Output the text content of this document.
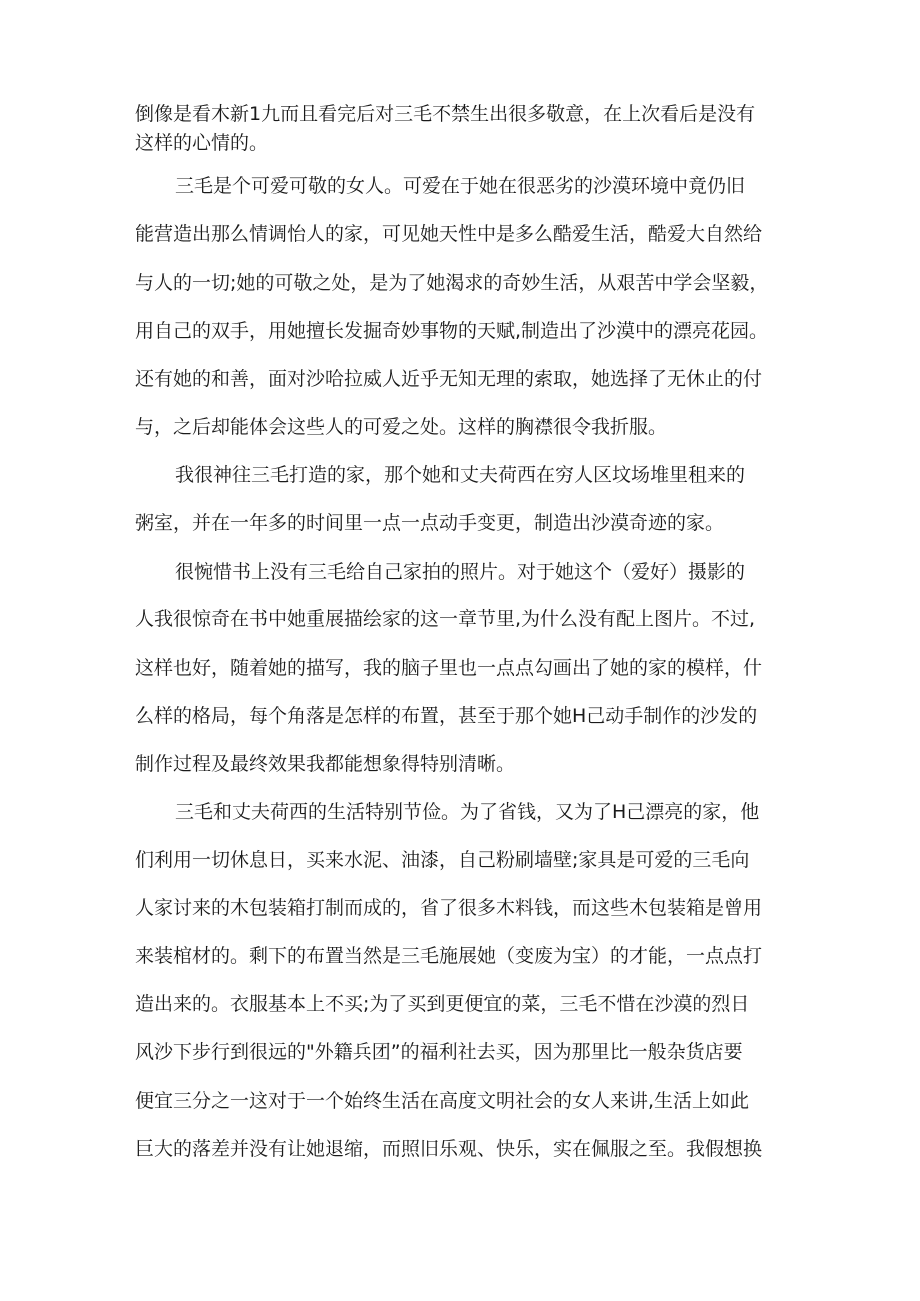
倒像是看木新1九而且看完后对三毛不禁生出很多敬意，在上次看后是没有
这样的心情的。
三毛是个可爱可敬的女人。可爱在于她在很恶劣的沙漠环境中竟仍旧
能营造出那么情调怡人的家，可见她天性中是多么酷爱生活，酷爱大自然给
与人的一切;她的可敬之处，是为了她渴求的奇妙生活，从艰苦中学会坚毅，
用自己的双手，用她擅长发掘奇妙事物的天赋,制造出了沙漠中的漂亮花园。
还有她的和善，面对沙哈拉威人近乎无知无理的索取，她选择了无休止的付
与，之后却能体会这些人的可爱之处。这样的胸襟很令我折服。
我很神往三毛打造的家，那个她和丈夫荷西在穷人区坟场堆里租来的
粥室，并在一年多的时间里一点一点动手变更，制造出沙漠奇迹的家。
很惋惜书上没有三毛给自己家拍的照片。对于她这个（爱好）摄影的
人我很惊奇在书中她重展描绘家的这一章节里,为什么没有配上图片。不过,
这样也好，随着她的描写，我的脑子里也一点点勾画出了她的家的模样，什
么样的格局，每个角落是怎样的布置，甚至于那个她H己动手制作的沙发的
制作过程及最终效果我都能想象得特别清晰。
三毛和丈夫荷西的生活特别节俭。为了省钱，又为了H己漂亮的家，他
们利用一切休息日，买来水泥、油漆，自己粉刷墙壁;家具是可爱的三毛向
人家讨来的木包装箱打制而成的，省了很多木料钱，而这些木包装箱是曾用
来装棺材的。剩下的布置当然是三毛施展她（变废为宝）的才能，一点点打
造出来的。衣服基本上不买;为了买到更便宜的菜，三毛不惜在沙漠的烈日
风沙下步行到很远的"外籍兵团”的福利社去买，因为那里比一般杂货店要
便宜三分之一这对于一个始终生活在高度文明社会的女人来讲,生活上如此
巨大的落差并没有让她退缩，而照旧乐观、快乐，实在佩服之至。我假想换
